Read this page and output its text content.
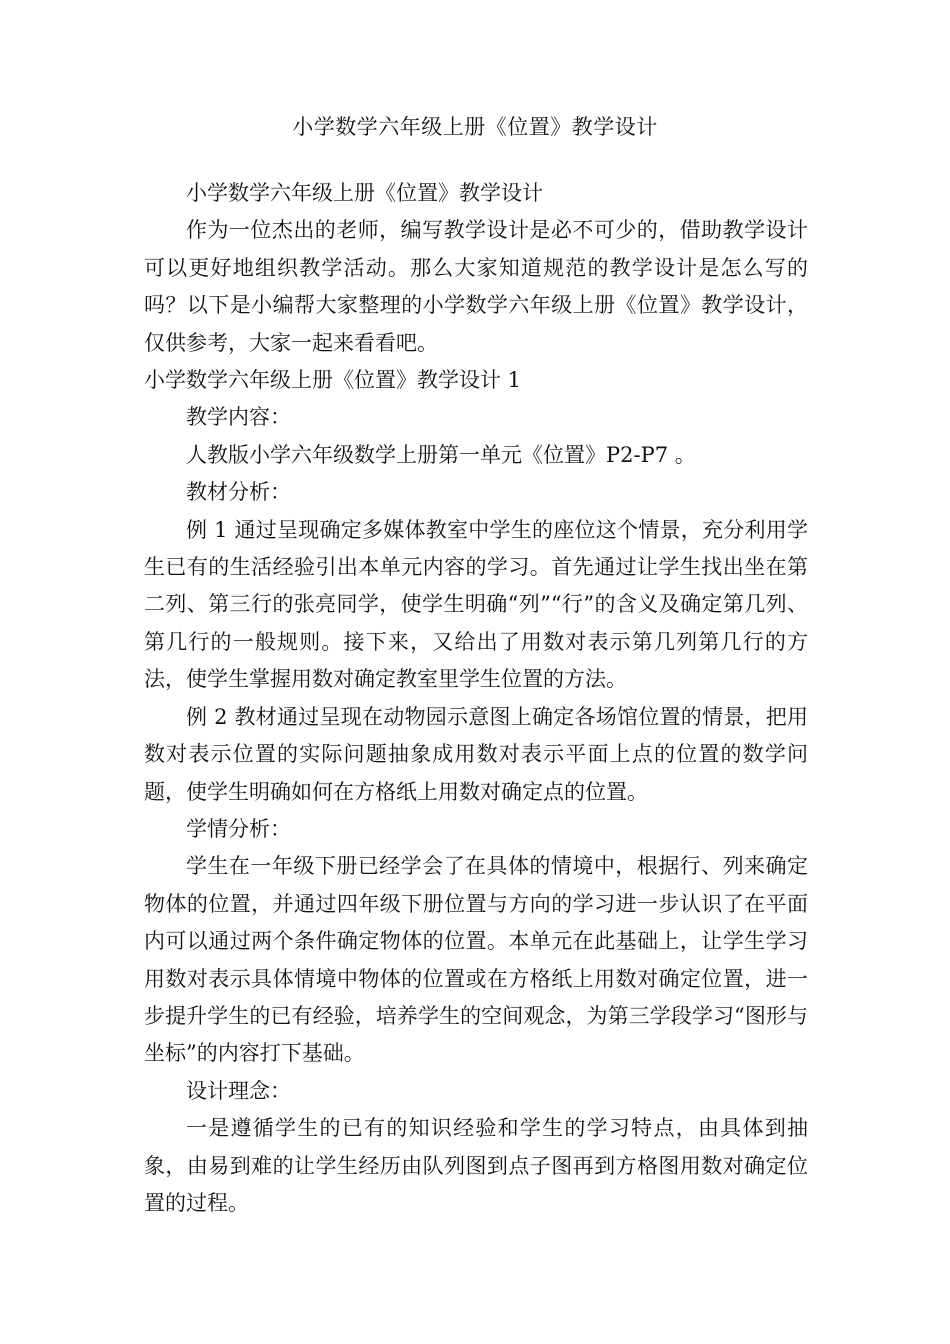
小学数学六年级上册《位置》教学设计

小学数学六年级上册《位置》教学设计

作为一位杰出的老师，编写教学设计是必不可少的，借助教学设计可以更好地组织教学活动。那么大家知道规范的教学设计是怎么写的吗？以下是小编帮大家整理的小学数学六年级上册《位置》教学设计，仅供参考，大家一起来看看吧。

小学数学六年级上册《位置》教学设计 1

教学内容：

人教版小学六年级数学上册第一单元《位置》P2-P7 。

教材分析：

例 1 通过呈现确定多媒体教室中学生的座位这个情景，充分利用学生已有的生活经验引出本单元内容的学习。首先通过让学生找出坐在第二列、第三行的张亮同学，使学生明确“列”“行”的含义及确定第几列、第几行的一般规则。接下来，又给出了用数对表示第几列第几行的方法，使学生掌握用数对确定教室里学生位置的方法。

例 2 教材通过呈现在动物园示意图上确定各场馆位置的情景，把用数对表示位置的实际问题抽象成用数对表示平面上点的位置的数学问题，使学生明确如何在方格纸上用数对确定点的位置。

学情分析：

学生在一年级下册已经学会了在具体的情境中，根据行、列来确定物体的位置，并通过四年级下册位置与方向的学习进一步认识了在平面内可以通过两个条件确定物体的位置。本单元在此基础上，让学生学习用数对表示具体情境中物体的位置或在方格纸上用数对确定位置，进一步提升学生的已有经验，培养学生的空间观念，为第三学段学习“图形与坐标”的内容打下基础。

设计理念：

一是遵循学生的已有的知识经验和学生的学习特点，由具体到抽象，由易到难的让学生经历由队列图到点子图再到方格图用数对确定位置的过程。
